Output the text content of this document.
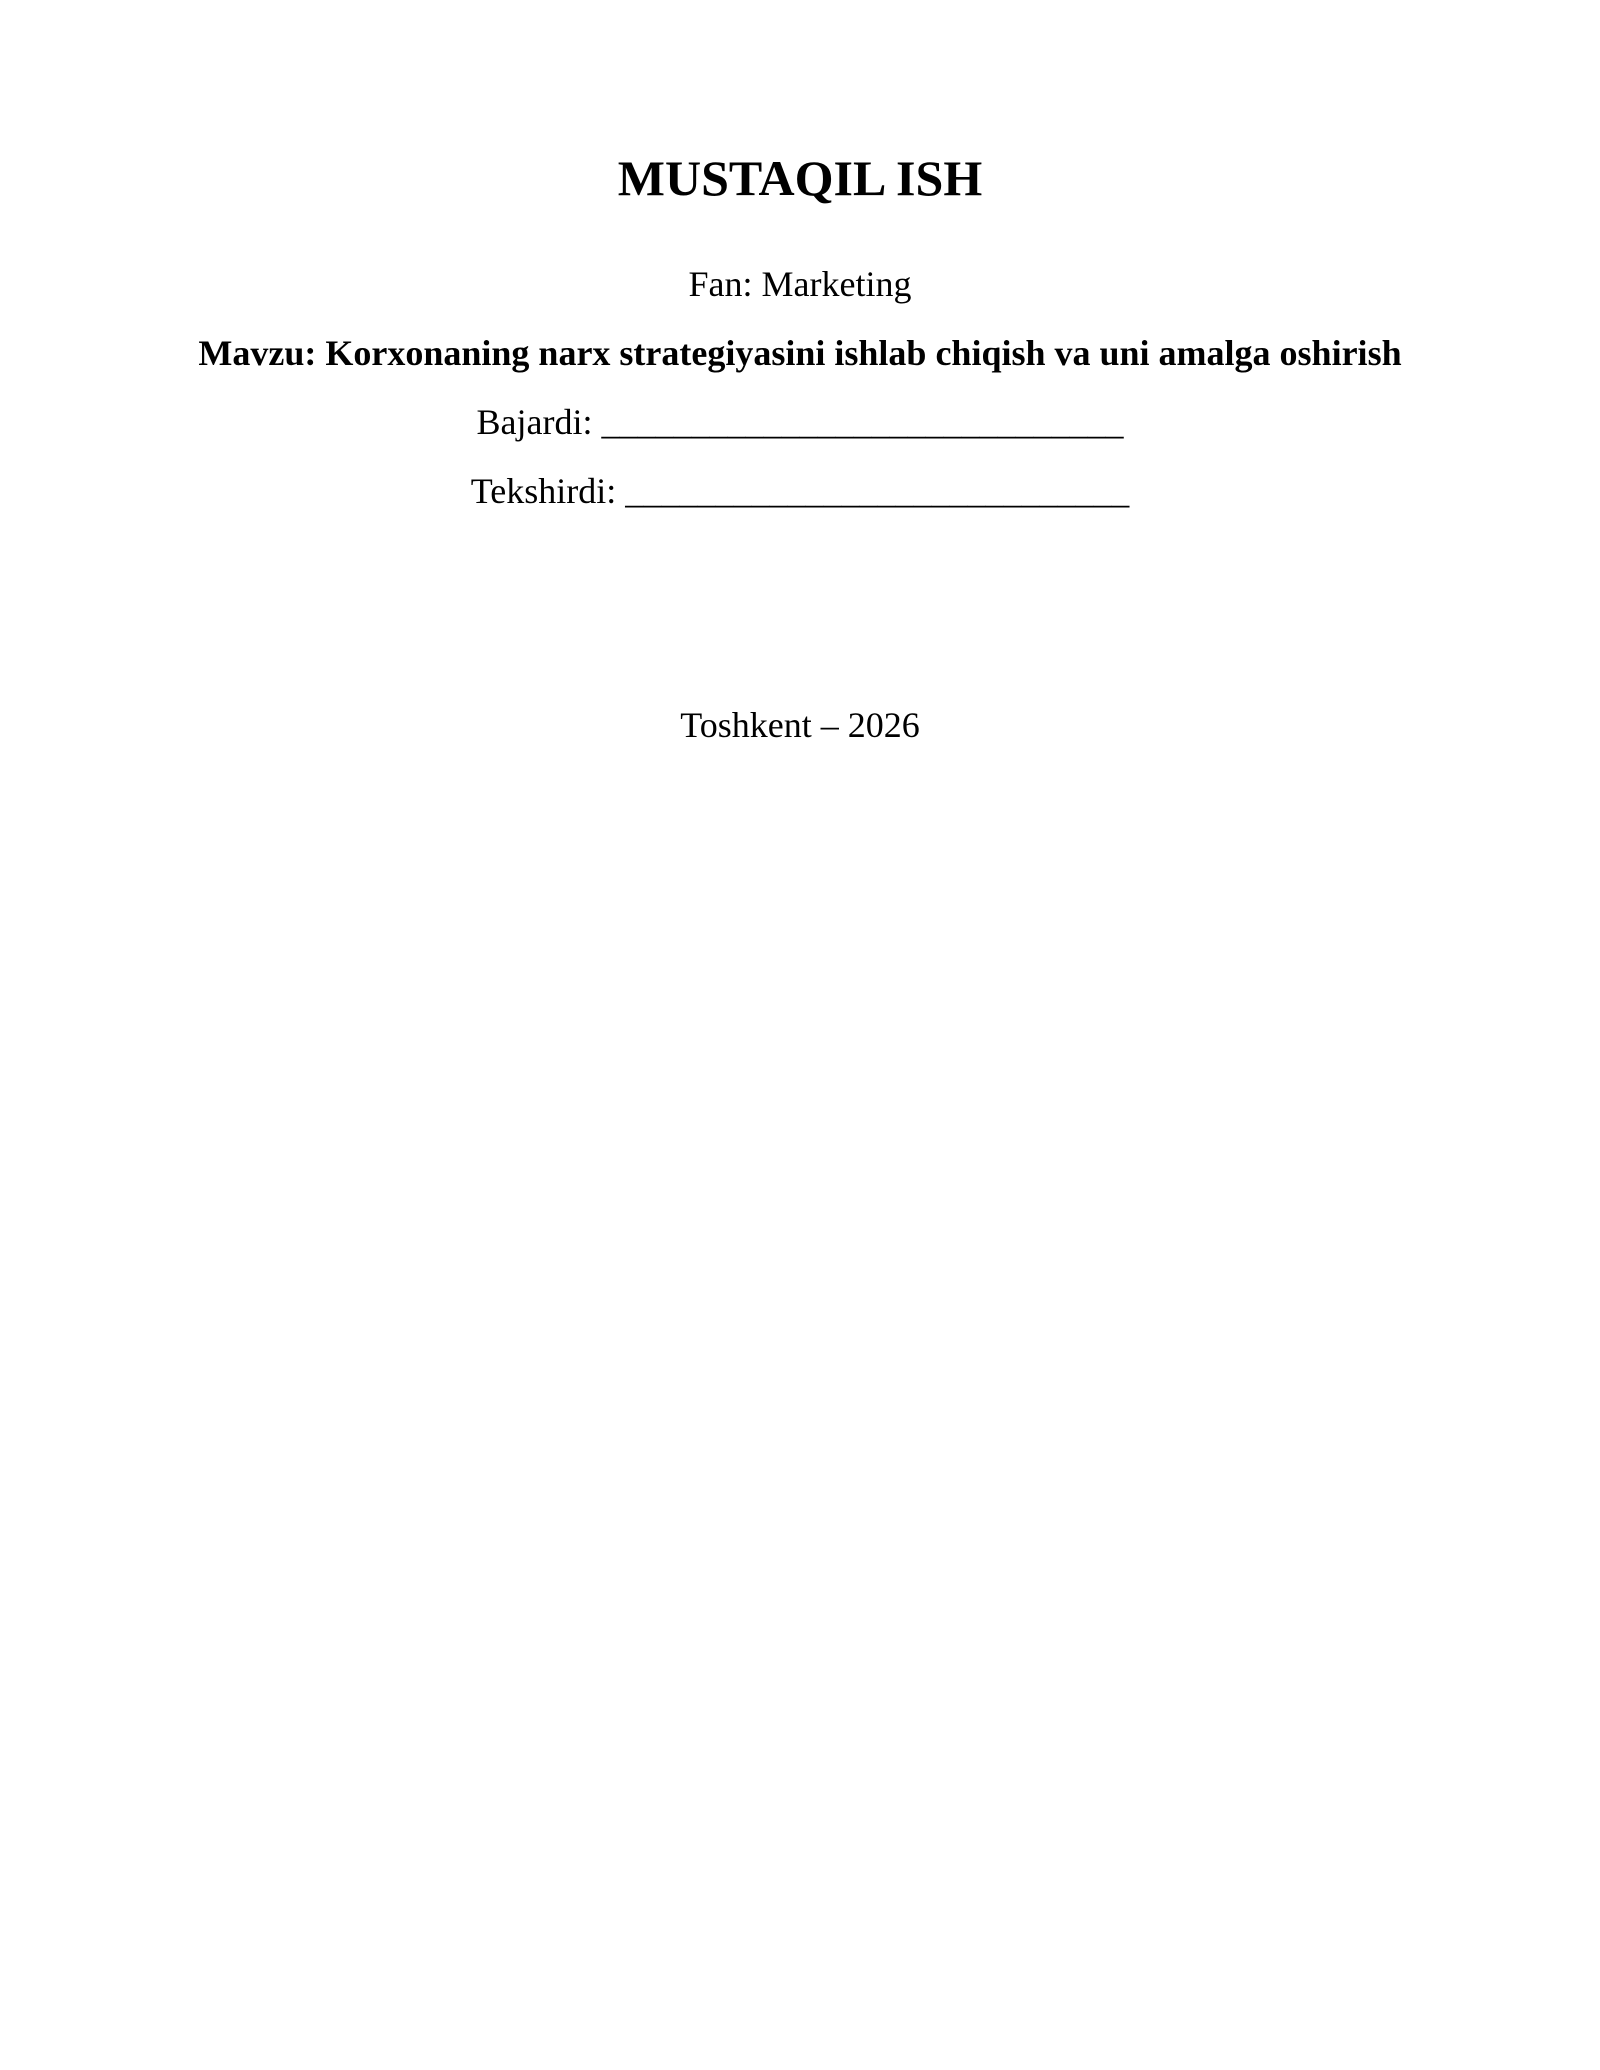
MUSTAQIL ISH

Fan: Marketing

Mavzu: Korxonaning narx strategiyasini ishlab chiqish va uni amalga oshirish

Bajardi: _____________________________

Tekshirdi: ____________________________

Toshkent – 2026
